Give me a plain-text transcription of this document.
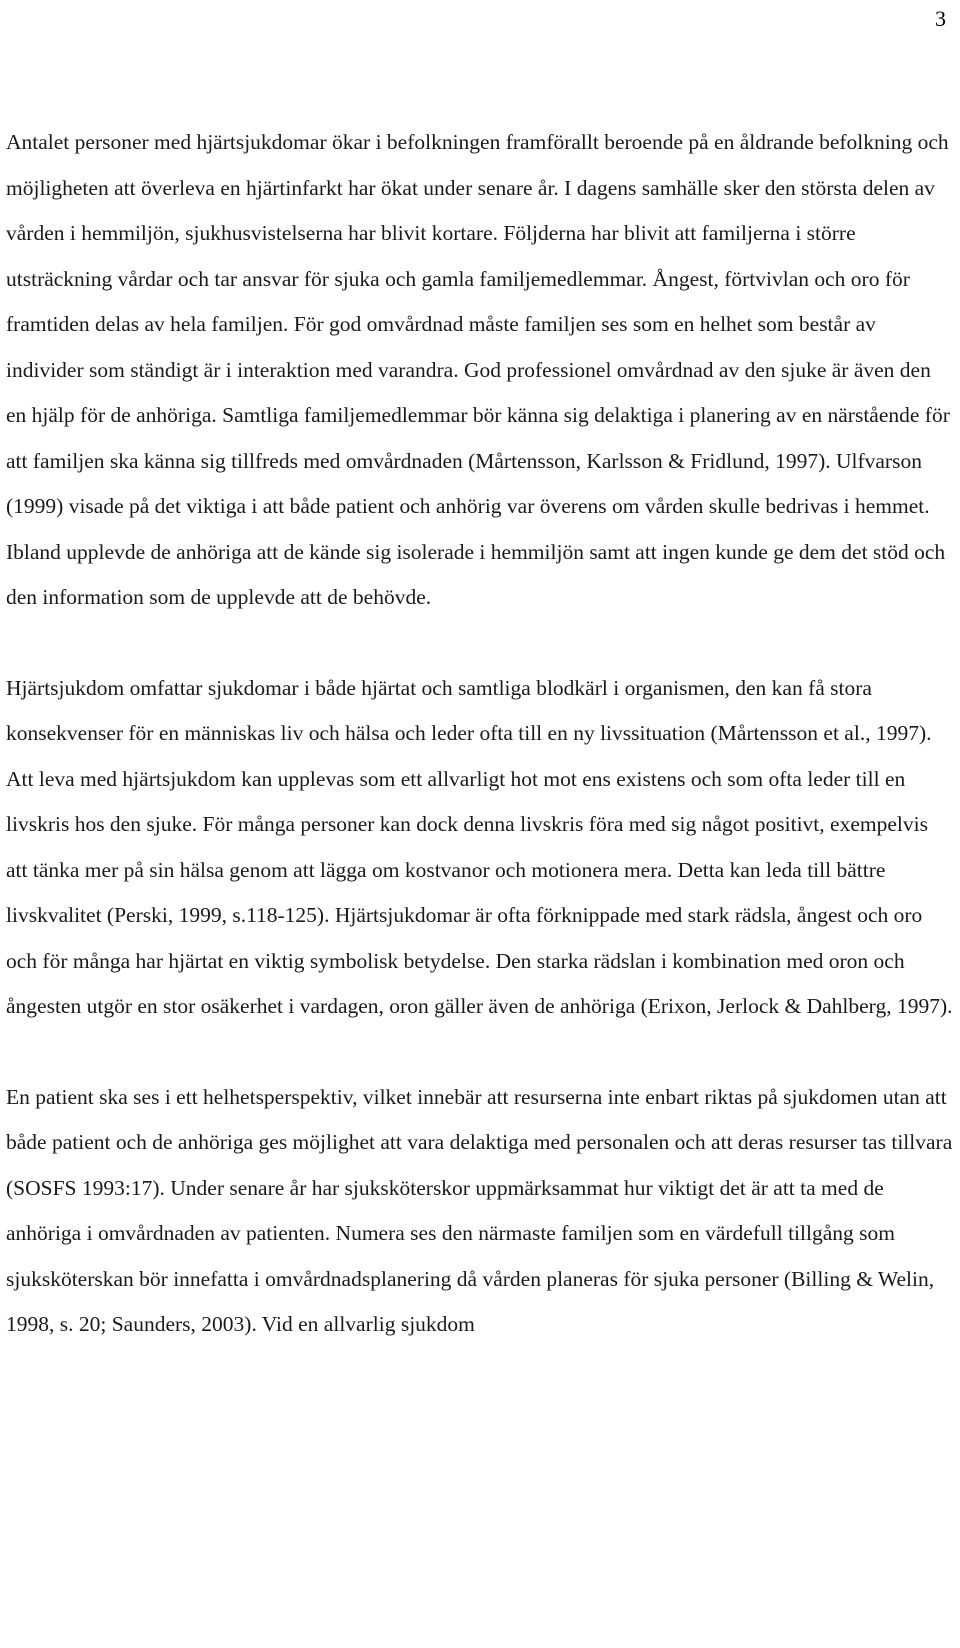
3

Antalet personer med hjärtsjukdomar ökar i befolkningen framförallt beroende på en åldrande befolkning och möjligheten att överleva en hjärtinfarkt har ökat under senare år. I dagens samhälle sker den största delen av vården i hemmiljön, sjukhusvistelserna har blivit kortare. Följderna har blivit att familjerna i större utsträckning vårdar och tar ansvar för sjuka och gamla familjemedlemmar. Ångest, förtvivlan och oro för framtiden delas av hela familjen. För god omvårdnad måste familjen ses som en helhet som består av individer som ständigt är i interaktion med varandra. God professionel omvårdnad av den sjuke är även den en hjälp för de anhöriga. Samtliga familjemedlemmar bör känna sig delaktiga i planering av en närstående för att familjen ska känna sig tillfreds med omvårdnaden (Mårtensson, Karlsson & Fridlund, 1997). Ulfvarson (1999) visade på det viktiga i att både patient och anhörig var överens om vården skulle bedrivas i hemmet. Ibland upplevde de anhöriga att de kände sig isolerade i hemmiljön samt att ingen kunde ge dem det stöd och den information som de upplevde att de behövde.

Hjärtsjukdom omfattar sjukdomar i både hjärtat och samtliga blodkärl i organismen, den kan få stora konsekvenser för en människas liv och hälsa och leder ofta till en ny livssituation (Mårtensson et al., 1997). Att leva med hjärtsjukdom kan upplevas som ett allvarligt hot mot ens existens och som ofta leder till en livskris hos den sjuke. För många personer kan dock denna livskris föra med sig något positivt, exempelvis att tänka mer på sin hälsa genom att lägga om kostvanor och motionera mera. Detta kan leda till bättre livskvalitet (Perski, 1999, s.118-125). Hjärtsjukdomar är ofta förknippade med stark rädsla, ångest och oro och för många har hjärtat en viktig symbolisk betydelse. Den starka rädslan i kombination med oron och ångesten utgör en stor osäkerhet i vardagen, oron gäller även de anhöriga (Erixon, Jerlock & Dahlberg, 1997).

En patient ska ses i ett helhetsperspektiv, vilket innebär att resurserna inte enbart riktas på sjukdomen utan att både patient och de anhöriga ges möjlighet att vara delaktiga med personalen och att deras resurser tas tillvara (SOSFS 1993:17). Under senare år har sjuksköterskor uppmärksammat hur viktigt det är att ta med de anhöriga i omvårdnaden av patienten. Numera ses den närmaste familjen som en värdefull tillgång som sjuksköterskan bör innefatta i omvårdnadsplanering då vården planeras för sjuka personer (Billing & Welin, 1998, s. 20; Saunders, 2003). Vid en allvarlig sjukdom
